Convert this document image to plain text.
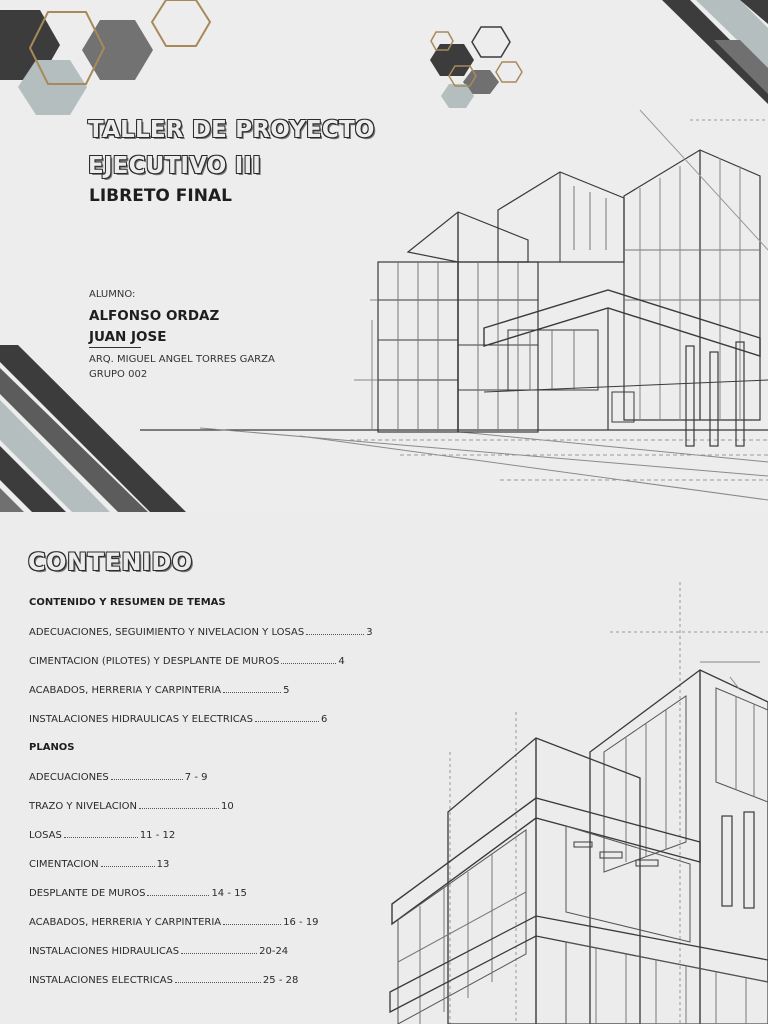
TALLER DE PROYECTO
EJECUTIVO III
LIBRETO FINAL
ALUMNO:
ALFONSO ORDAZ
JUAN JOSE
ARQ. MIGUEL ANGEL TORRES GARZA
GRUPO 002
CONTENIDO
CONTENIDO Y RESUMEN DE TEMAS
ADECUACIONES, SEGUIMIENTO Y NIVELACION Y LOSAS	3
CIMENTACION (PILOTES) Y DESPLANTE DE MUROS	4
ACABADOS, HERRERIA Y CARPINTERIA	5
INSTALACIONES HIDRAULICAS Y ELECTRICAS	6
PLANOS
ADECUACIONES	7 - 9
TRAZO Y NIVELACION	10
LOSAS	11 - 12
CIMENTACION	13
DESPLANTE DE MUROS	14 - 15
ACABADOS, HERRERIA Y CARPINTERIA	16 - 19
INSTALACIONES HIDRAULICAS	20-24
INSTALACIONES ELECTRICAS	25 - 28
